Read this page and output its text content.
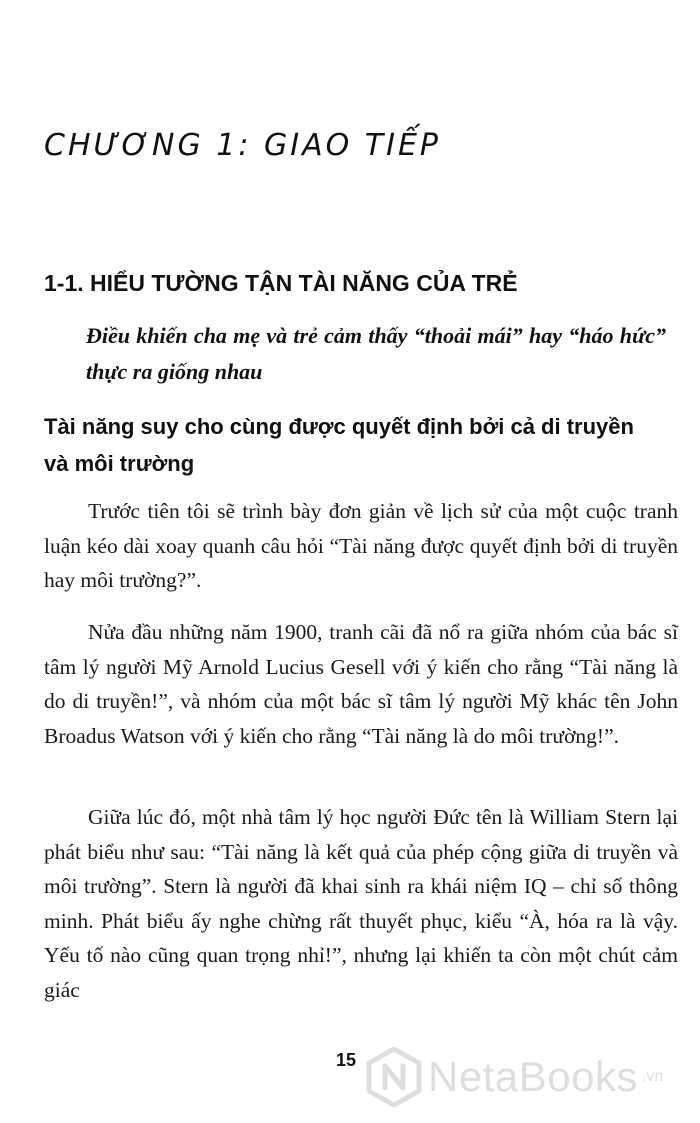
CHƯƠNG 1: GIAO TIẾP
1-1. HIỂU TƯỜNG TẬN TÀI NĂNG CỦA TRẺ
Điều khiến cha mẹ và trẻ cảm thấy “thoải mái” hay “háo hức” thực ra giống nhau
Tài năng suy cho cùng được quyết định bởi cả di truyền và môi trường

Trước tiên tôi sẽ trình bày đơn giản về lịch sử của một cuộc tranh luận kéo dài xoay quanh câu hỏi “Tài năng được quyết định bởi di truyền hay môi trường?”.

Nửa đầu những năm 1900, tranh cãi đã nổ ra giữa nhóm của bác sĩ tâm lý người Mỹ Arnold Lucius Gesell với ý kiến cho rằng “Tài năng là do di truyền!”, và nhóm của một bác sĩ tâm lý người Mỹ khác tên John Broadus Watson với ý kiến cho rằng “Tài năng là do môi trường!”.

Giữa lúc đó, một nhà tâm lý học người Đức tên là William Stern lại phát biểu như sau: “Tài năng là kết quả của phép cộng giữa di truyền và môi trường”. Stern là người đã khai sinh ra khái niệm IQ – chỉ số thông minh. Phát biểu ấy nghe chừng rất thuyết phục, kiểu “À, hóa ra là vậy. Yếu tố nào cũng quan trọng nhỉ!”, nhưng lại khiến ta còn một chút cảm giác

15 NetaBooks .vn
